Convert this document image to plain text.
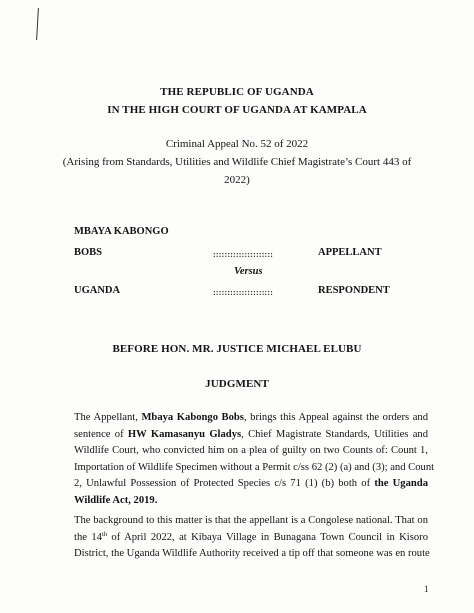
THE REPUBLIC OF UGANDA
IN THE HIGH COURT OF UGANDA AT KAMPALA
Criminal Appeal No. 52 of 2022
(Arising from Standards, Utilities and Wildlife Chief Magistrate’s Court 443 of
2022)
MBAYA KABONGO
BOBS	:::::::::::::::::::::	APPELLANT
Versus
UGANDA	:::::::::::::::::::::	RESPONDENT
BEFORE HON. MR. JUSTICE MICHAEL ELUBU
JUDGMENT
The Appellant, Mbaya Kabongo Bobs, brings this Appeal against the orders and
sentence of HW Kamasanyu Gladys, Chief Magistrate Standards, Utilities and
Wildlife Court, who convicted him on a plea of guilty on two Counts of: Count 1,
Importation of Wildlife Specimen without a Permit c/ss 62 (2) (a) and (3); and Count
2, Unlawful Possession of Protected Species c/s 71 (1) (b) both of the Uganda
Wildlife Act, 2019.
The background to this matter is that the appellant is a Congolese national. That on
the 14th of April 2022, at Kibaya Village in Bunagana Town Council in Kisoro
District, the Uganda Wildlife Authority received a tip off that someone was en route
1
